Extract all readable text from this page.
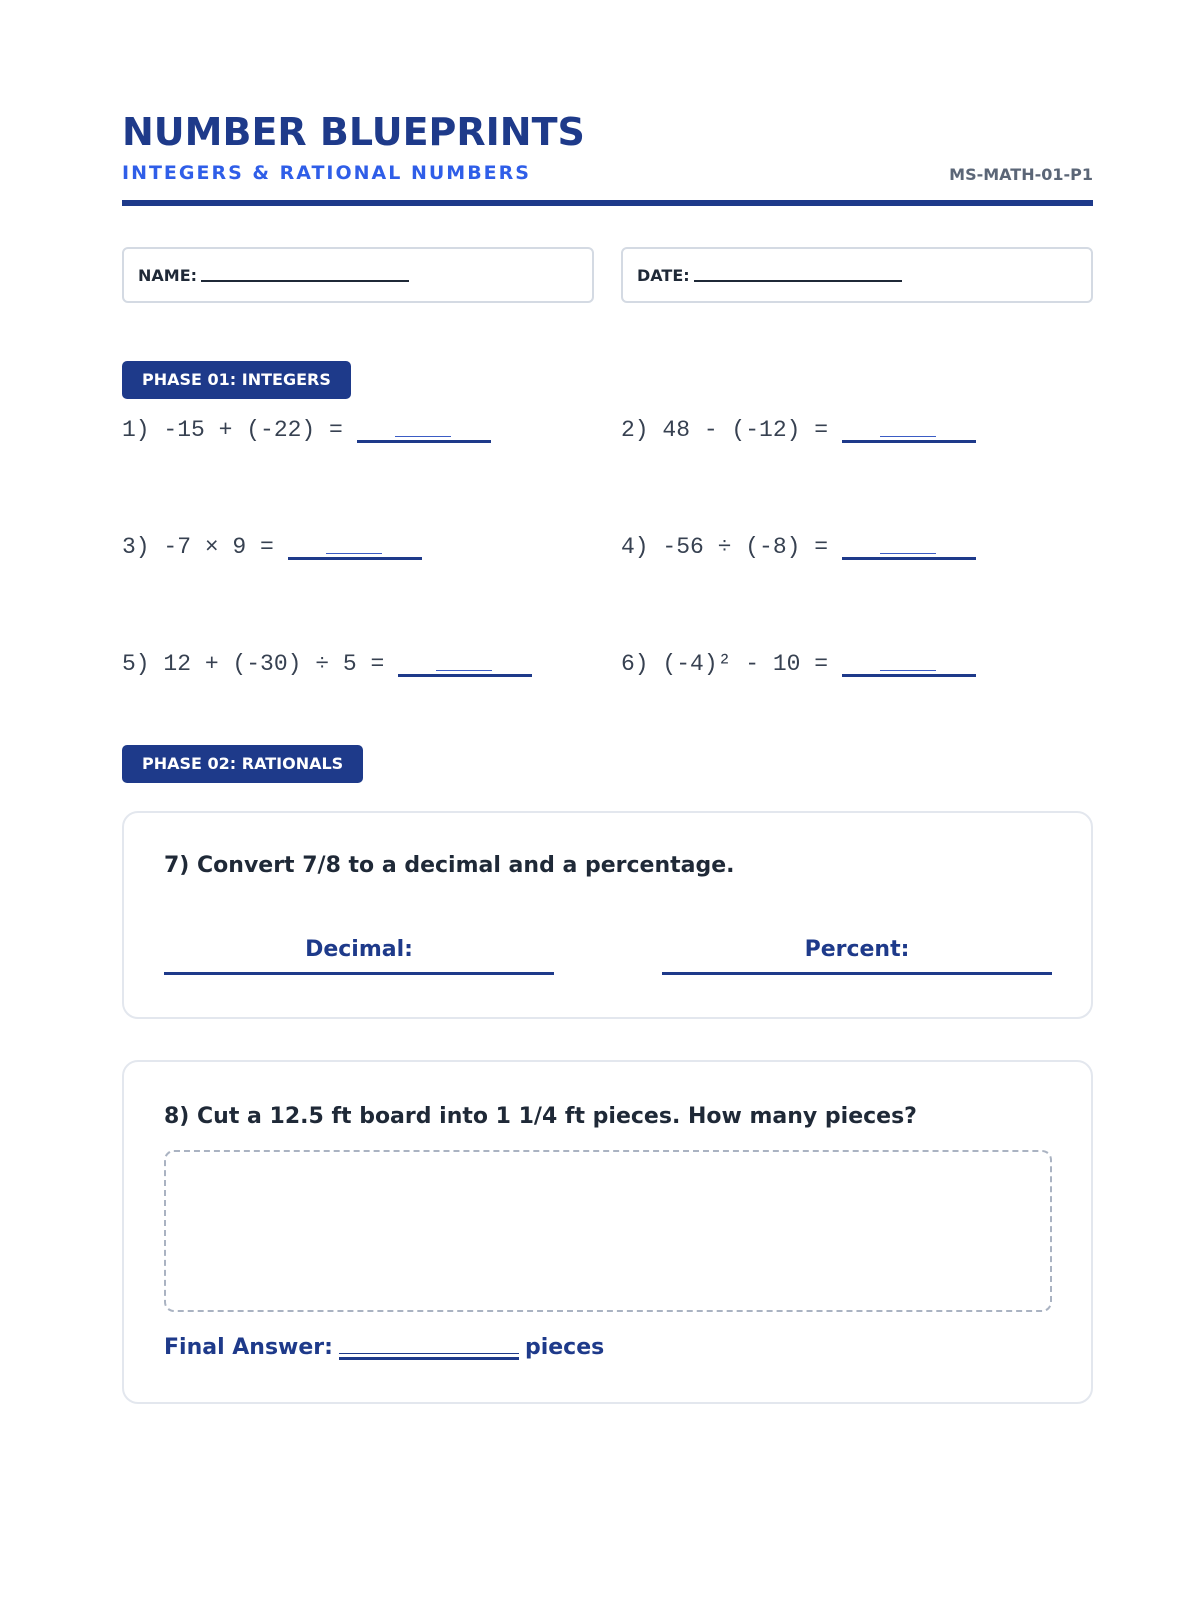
NUMBER BLUEPRINTS
INTEGERS & RATIONAL NUMBERS	MS-MATH-01-P1
NAME:	DATE:
PHASE 01: INTEGERS
1) -15 + (-22) =	2) 48 - (-12) =
3) -7 × 9 =	4) -56 ÷ (-8) =
5) 12 + (-30) ÷ 5 =	6) (-4)² - 10 =
PHASE 02: RATIONALS
7) Convert 7/8 to a decimal and a percentage.
Decimal:	Percent:
8) Cut a 12.5 ft board into 1 1/4 ft pieces. How many pieces?
Final Answer:	pieces
